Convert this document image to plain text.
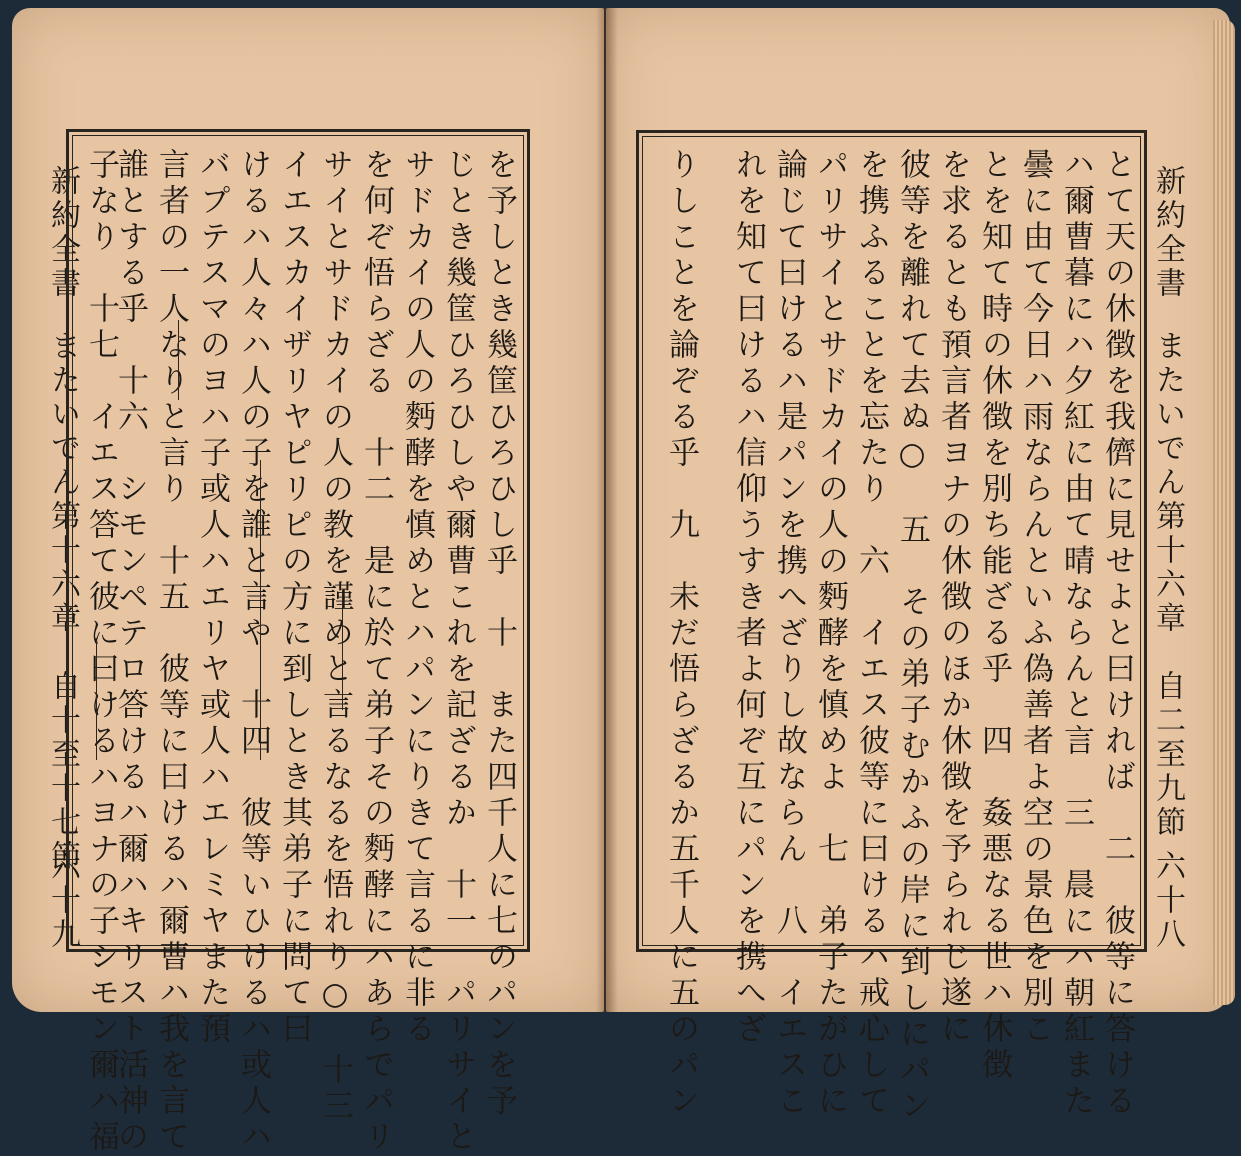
新約全書
またいでん第十六章　自十至十七節
六十九	を予しとき幾筐ひろひし乎　十　また四千人に七のパンを予
じとき幾筐ひろひしや爾曹これを記ざるか　十一　パリサイと
サドカイの人の麪酵を慎めとハパンにりきて言るに非る
を何ぞ悟らざる　十二　是に於て弟子その麪酵にハあらでパリ
サイとサドカイの人の教を謹めと言るなるを悟れり○　十三
イエスカイザリヤピリピの方に到しとき其弟子に問て曰
けるハ人々ハ人の子を誰と言や　十四　彼等いひけるハ或人ハ
バプテスマのヨハ子或人ハエリヤ或人ハエレミヤまた預
言者の一人なりと言り　十五　彼等に曰けるハ爾曹ハ我を言て
誰とする乎　十六　シモンペテロ答けるハ爾ハキリスト活神の
子なり　十七　イエス答て彼に曰けるハヨナの子シモン爾ハ福	新約全書
またいでん第十六章　自二至九節
六十八
とて天の休徴を我儕に見せよと曰ければ　二　彼等に答ける
ハ爾曹暮にハ夕紅に由て晴ならんと言　三　晨にハ朝紅また
曇に由て今日ハ雨ならんといふ偽善者よ空の景色を別こ
とを知て時の休徴を別ち能ざる乎　四　姦悪なる世ハ休徴
を求るとも預言者ヨナの休徴のほか休徴を予られじ遂に
彼等を離れて去ぬ○　五　その弟子むかふの岸に到しにパン
を携ふることを忘たり　六　イエス彼等に曰けるハ戒心して
パリサイとサドカイの人の麪酵を慎めよ　七　弟子たがひに
論じて曰けるハ是パンを携へざりし故ならん　八　イエスこ
れを知て曰けるハ信仰うすき者よ何ぞ互にパンを携へざ
りしことを論ぞる乎　九　未だ悟らざるか五千人に五のパン
